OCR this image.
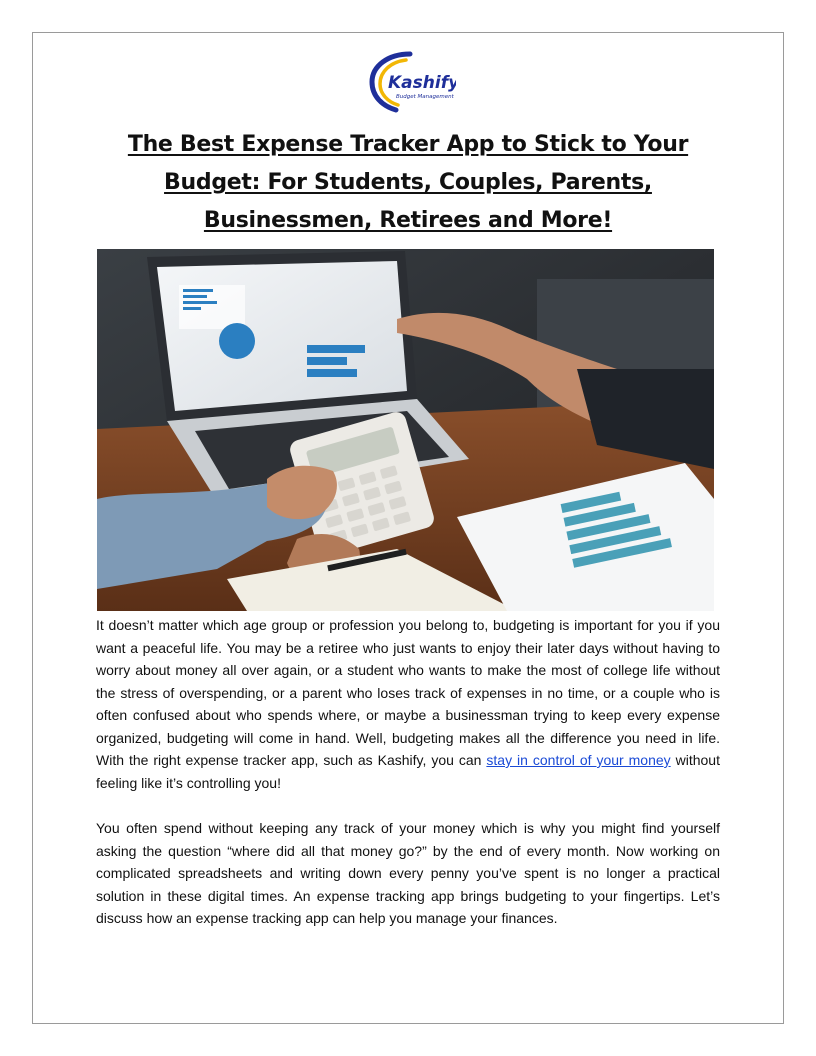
Kashify
Budget Management
The Best Expense Tracker App to Stick to Your Budget: For Students, Couples, Parents, Businessmen, Retirees and More!

It doesn’t matter which age group or profession you belong to, budgeting is important for you if you want a peaceful life. You may be a retiree who just wants to enjoy their later days without having to worry about money all over again, or a student who wants to make the most of college life without the stress of overspending, or a parent who loses track of expenses in no time, or a couple who is often confused about who spends where, or maybe a businessman trying to keep every expense organized, budgeting will come in hand. Well, budgeting makes all the difference you need in life. With the right expense tracker app, such as Kashify, you can stay in control of your money without feeling like it’s controlling you!

You often spend without keeping any track of your money which is why you might find yourself asking the question “where did all that money go?” by the end of every month. Now working on complicated spreadsheets and writing down every penny you’ve spent is no longer a practical solution in these digital times. An expense tracking app brings budgeting to your fingertips. Let’s discuss how an expense tracking app can help you manage your finances.
